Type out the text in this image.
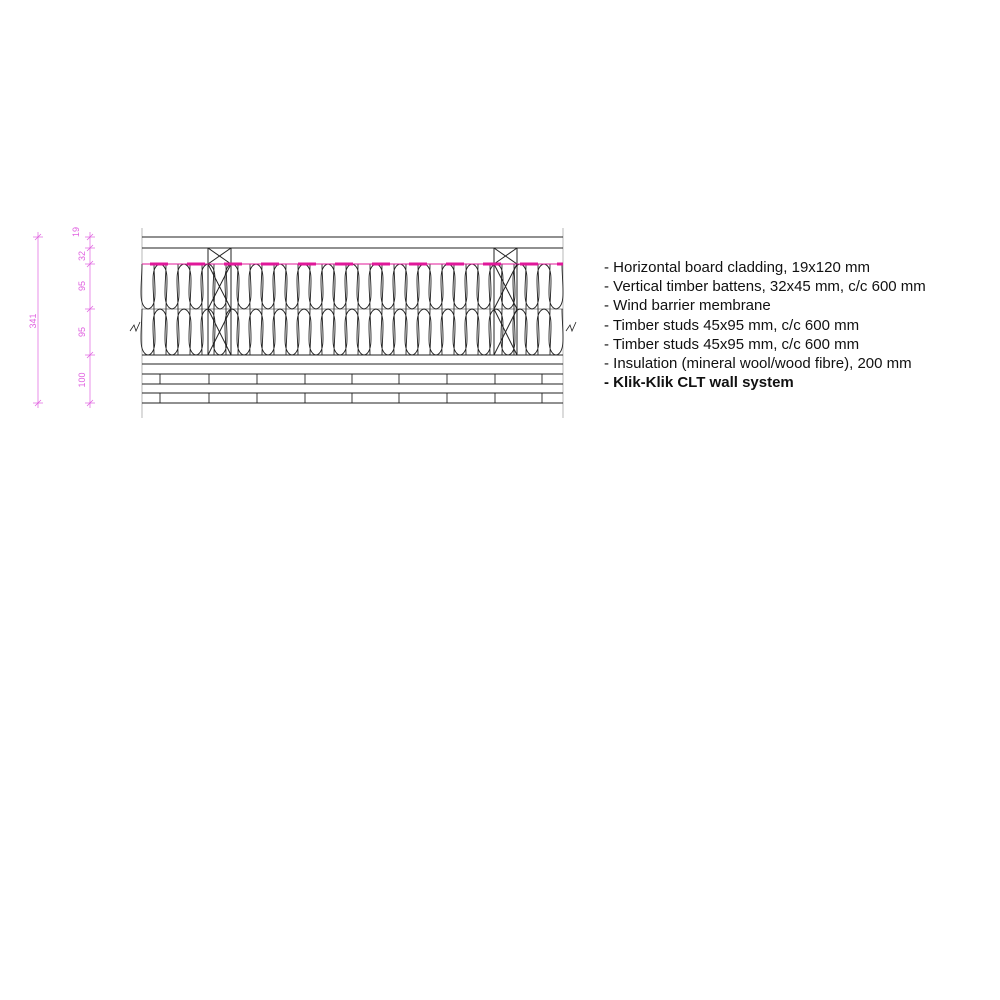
341
19
32
95
95
100
- Horizontal board cladding, 19x120 mm
- Vertical timber battens, 32x45 mm, c/c 600 mm
- Wind barrier membrane
- Timber studs 45x95 mm, c/c 600 mm
- Timber studs 45x95 mm, c/c 600 mm
- Insulation (mineral wool/wood fibre), 200 mm
- Klik-Klik CLT wall system
